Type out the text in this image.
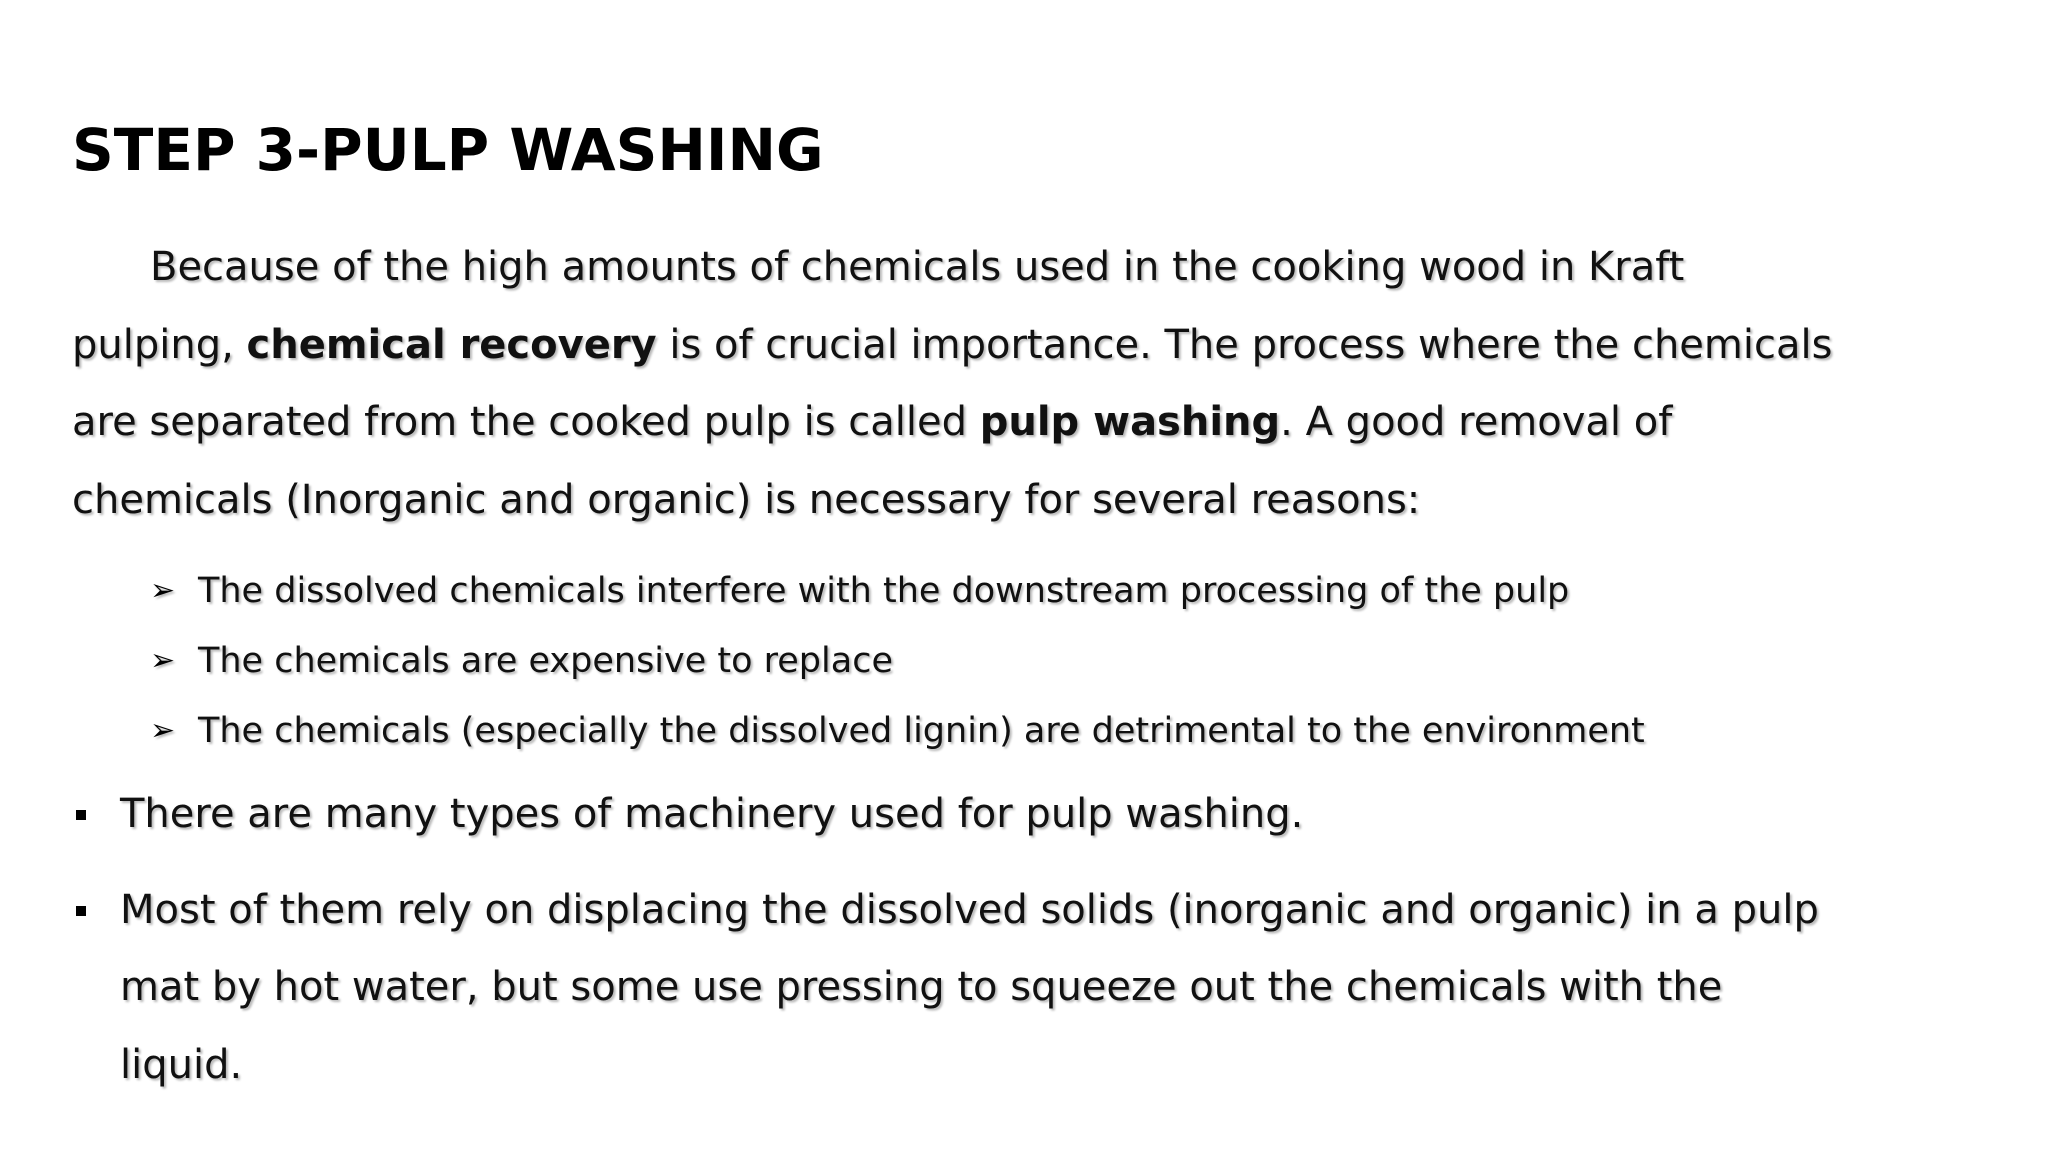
STEP 3-PULP WASHING

Because of the high amounts of chemicals used in the cooking wood in Kraft
pulping, chemical recovery is of crucial importance. The process where the chemicals
are separated from the cooked pulp is called pulp washing. A good removal of
chemicals (Inorganic and organic) is necessary for several reasons:

➢ The dissolved chemicals interfere with the downstream processing of the pulp
➢ The chemicals are expensive to replace
➢ The chemicals (especially the dissolved lignin) are detrimental to the environment
There are many types of machinery used for pulp washing.
Most of them rely on displacing the dissolved solids (inorganic and organic) in a pulp
mat by hot water, but some use pressing to squeeze out the chemicals with the
liquid.
